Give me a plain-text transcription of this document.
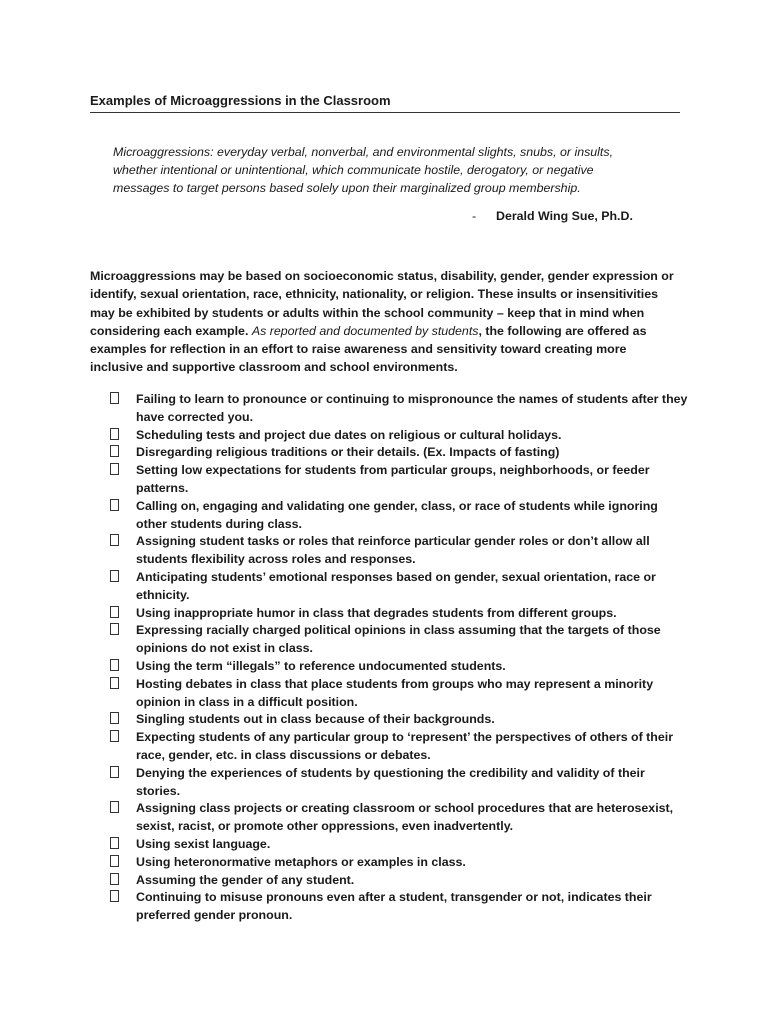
Examples of Microaggressions in the Classroom

Microaggressions: everyday verbal, nonverbal, and environmental slights, snubs, or insults, whether intentional or unintentional, which communicate hostile, derogatory, or negative messages to target persons based solely upon their marginalized group membership.

- Derald Wing Sue, Ph.D.

Microaggressions may be based on socioeconomic status, disability, gender, gender expression or identify, sexual orientation, race, ethnicity, nationality, or religion. These insults or insensitivities may be exhibited by students or adults within the school community – keep that in mind when considering each example. As reported and documented by students, the following are offered as examples for reflection in an effort to raise awareness and sensitivity toward creating more inclusive and supportive classroom and school environments.

Failing to learn to pronounce or continuing to mispronounce the names of students after they have corrected you.
Scheduling tests and project due dates on religious or cultural holidays.
Disregarding religious traditions or their details. (Ex. Impacts of fasting)
Setting low expectations for students from particular groups, neighborhoods, or feeder patterns.
Calling on, engaging and validating one gender, class, or race of students while ignoring other students during class.
Assigning student tasks or roles that reinforce particular gender roles or don’t allow all students flexibility across roles and responses.
Anticipating students’ emotional responses based on gender, sexual orientation, race or ethnicity.
Using inappropriate humor in class that degrades students from different groups.
Expressing racially charged political opinions in class assuming that the targets of those opinions do not exist in class.
Using the term “illegals” to reference undocumented students.
Hosting debates in class that place students from groups who may represent a minority opinion in class in a difficult position.
Singling students out in class because of their backgrounds.
Expecting students of any particular group to ‘represent’ the perspectives of others of their race, gender, etc. in class discussions or debates.
Denying the experiences of students by questioning the credibility and validity of their stories.
Assigning class projects or creating classroom or school procedures that are heterosexist, sexist, racist, or promote other oppressions, even inadvertently.
Using sexist language.
Using heteronormative metaphors or examples in class.
Assuming the gender of any student.
Continuing to misuse pronouns even after a student, transgender or not, indicates their preferred gender pronoun.
